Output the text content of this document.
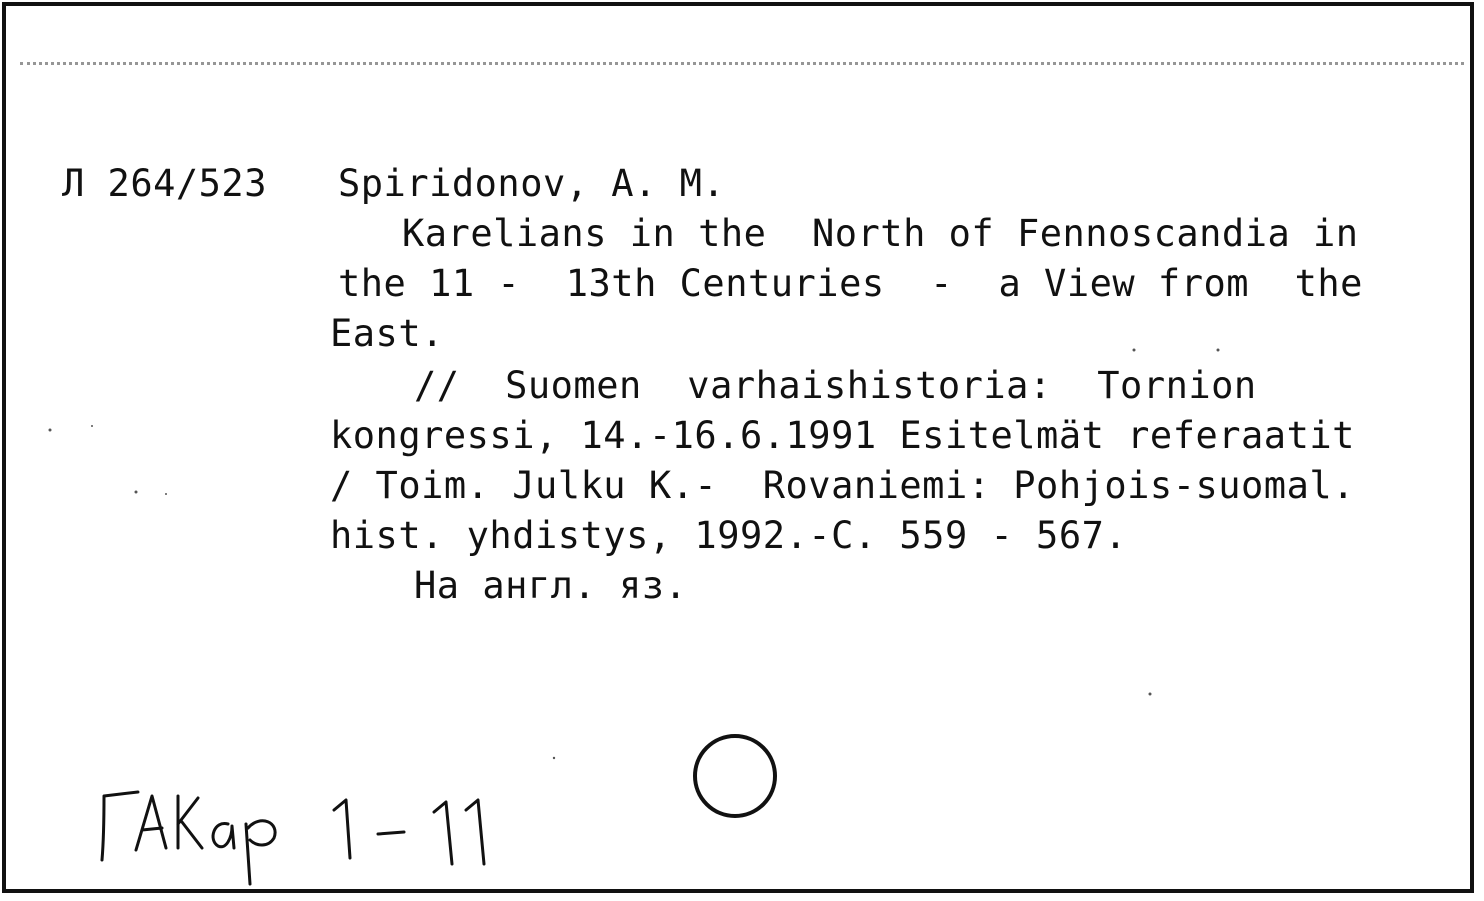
Л 264/523 Spiridonov, A. M.
Karelians in the  North of Fennoscandia in
the 11 -  13th Centuries  -  a View from  the
East.
//  Suomen  varhaishistoria:  Tornion
kongressi, 14.-16.6.1991 Esitelmät referaatit
/ Toim. Julku K.-  Rovaniemi: Pohjois-suomal.
hist. yhdistys, 1992.-C. 559 - 567.
На англ. яз.
